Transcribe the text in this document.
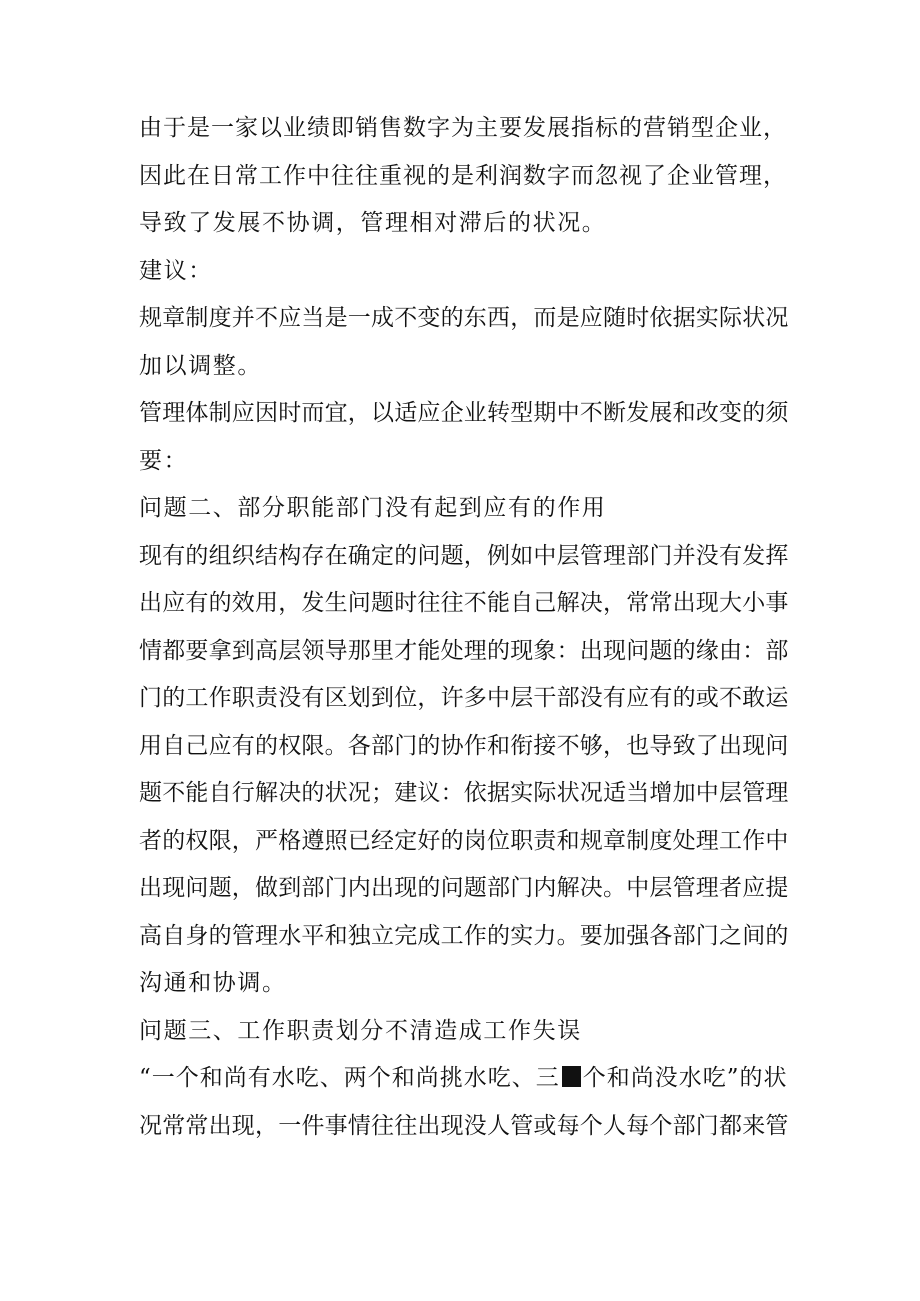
由于是一家以业绩即销售数字为主要发展指标的营销型企业，

因此在日常工作中往往重视的是利润数字而忽视了企业管理，

导致了发展不协调，管理相对滞后的状况。

建议：

规章制度并不应当是一成不变的东西，而是应随时依据实际状况

加以调整。

管理体制应因时而宜，以适应企业转型期中不断发展和改变的须

要：

问题二、部分职能部门没有起到应有的作用

现有的组织结构存在确定的问题，例如中层管理部门并没有发挥

出应有的效用，发生问题时往往不能自己解决，常常出现大小事

情都要拿到高层领导那里才能处理的现象：出现问题的缘由：部

门的工作职责没有区划到位，许多中层干部没有应有的或不敢运

用自己应有的权限。各部门的协作和衔接不够，也导致了出现问

题不能自行解决的状况；建议：依据实际状况适当增加中层管理

者的权限，严格遵照已经定好的岗位职责和规章制度处理工作中

出现问题，做到部门内出现的问题部门内解决。中层管理者应提

高自身的管理水平和独立完成工作的实力。要加强各部门之间的

沟通和协调。

问题三、工作职责划分不清造成工作失误

“一个和尚有水吃、两个和尚挑水吃、三 个和尚没水吃”的状

况常常出现，一件事情往往出现没人管或每个人每个部门都来管
